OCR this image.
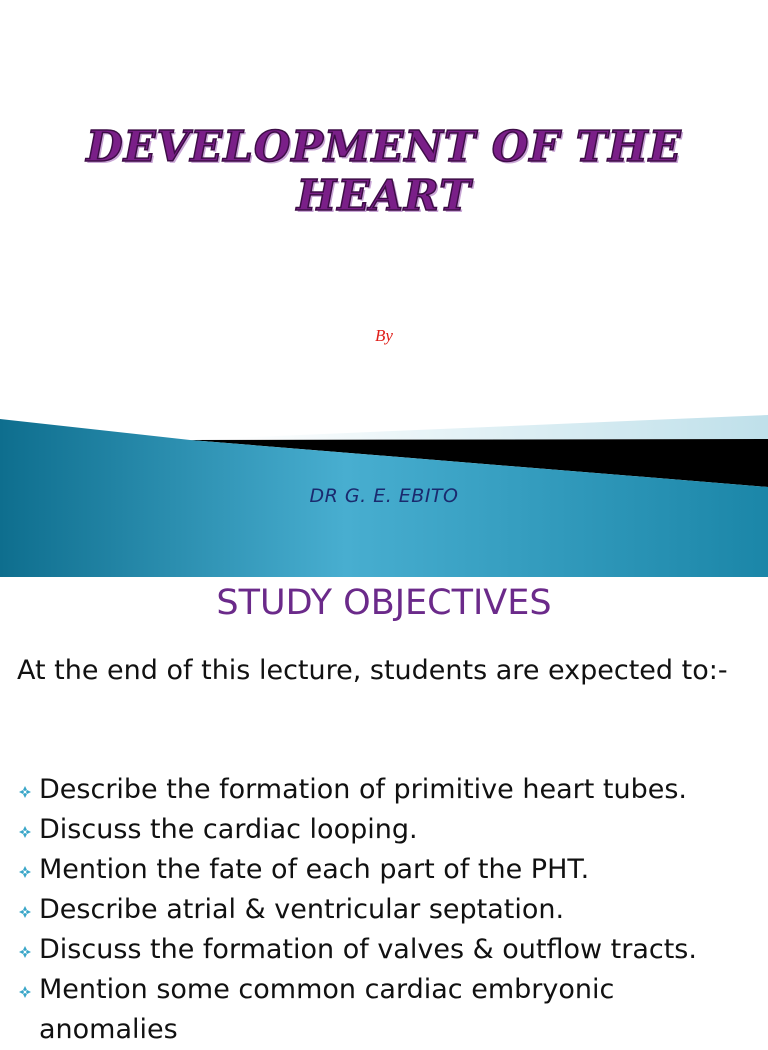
DEVELOPMENT OF THE HEART
By
DR G. E. EBITO
STUDY OBJECTIVES
At the end of this lecture, students are expected to:-
Describe the formation of primitive heart tubes.
Discuss the cardiac looping.
Mention the fate of each part of the PHT.
Describe atrial & ventricular septation.
Discuss the formation of valves & outflow tracts.
Mention some common cardiac embryonic
anomalies
